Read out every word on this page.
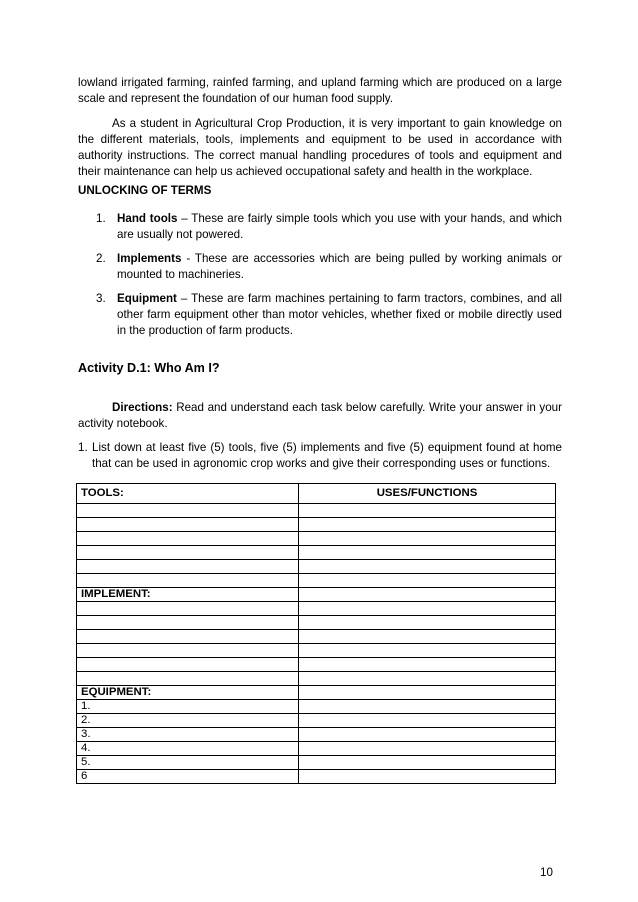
lowland irrigated farming, rainfed farming, and upland farming which are produced on a large scale and represent the foundation of our human food supply.

As a student in Agricultural Crop Production, it is very important to gain knowledge on the different materials, tools, implements and equipment to be used in accordance with authority instructions. The correct manual handling procedures of tools and equipment and their maintenance can help us achieved occupational safety and health in the workplace.

UNLOCKING OF TERMS

1. Hand tools – These are fairly simple tools which you use with your hands, and which are usually not powered.
2. Implements - These are accessories which are being pulled by working animals or mounted to machineries.
3. Equipment – These are farm machines pertaining to farm tractors, combines, and all other farm equipment other than motor vehicles, whether fixed or mobile directly used in the production of farm products.

Activity D.1: Who Am I?

Directions: Read and understand each task below carefully. Write your answer in your activity notebook.

1. List down at least five (5) tools, five (5) implements and five (5) equipment found at home that can be used in agronomic crop works and give their corresponding uses or functions.
TOOLS:	USES/FUNCTIONS

IMPLEMENT:	

EQUIPMENT:	
1.	
2.	
3.	
4.	
5.	
6	
10
